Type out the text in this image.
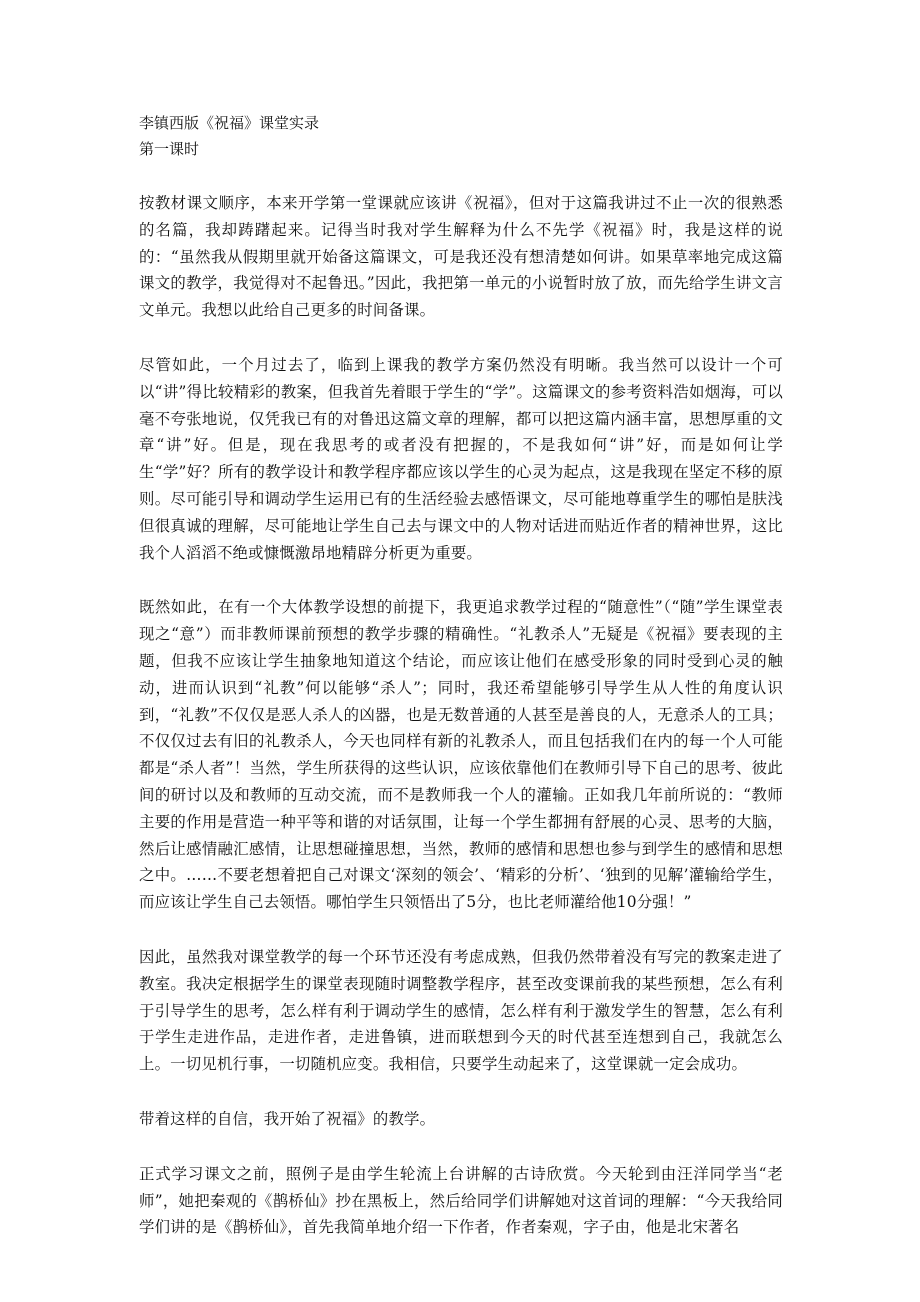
李镇西版《祝福》课堂实录
第一课时

按教材课文顺序，本来开学第一堂课就应该讲《祝福》，但对于这篇我讲过不止一次的很熟悉的名篇，我却踌躇起来。记得当时我对学生解释为什么不先学《祝福》时，我是这样的说的：“虽然我从假期里就开始备这篇课文，可是我还没有想清楚如何讲。如果草率地完成这篇课文的教学，我觉得对不起鲁迅。”因此，我把第一单元的小说暂时放了放，而先给学生讲文言文单元。我想以此给自己更多的时间备课。

尽管如此，一个月过去了，临到上课我的教学方案仍然没有明晰。我当然可以设计一个可以“讲”得比较精彩的教案，但我首先着眼于学生的“学”。这篇课文的参考资料浩如烟海，可以毫不夸张地说，仅凭我已有的对鲁迅这篇文章的理解，都可以把这篇内涵丰富，思想厚重的文章“讲”好。但是，现在我思考的或者没有把握的，不是我如何“讲”好，而是如何让学生“学”好？所有的教学设计和教学程序都应该以学生的心灵为起点，这是我现在坚定不移的原则。尽可能引导和调动学生运用已有的生活经验去感悟课文，尽可能地尊重学生的哪怕是肤浅但很真诚的理解，尽可能地让学生自己去与课文中的人物对话进而贴近作者的精神世界，这比我个人滔滔不绝或慷慨激昂地精辟分析更为重要。

既然如此，在有一个大体教学设想的前提下，我更追求教学过程的“随意性”（“随”学生课堂表现之“意”）而非教师课前预想的教学步骤的精确性。“礼教杀人”无疑是《祝福》要表现的主题，但我不应该让学生抽象地知道这个结论，而应该让他们在感受形象的同时受到心灵的触动，进而认识到“礼教”何以能够“杀人”；同时，我还希望能够引导学生从人性的角度认识到，“礼教”不仅仅是恶人杀人的凶器，也是无数普通的人甚至是善良的人，无意杀人的工具；不仅仅过去有旧的礼教杀人，今天也同样有新的礼教杀人，而且包括我们在内的每一个人可能都是“杀人者”！当然，学生所获得的这些认识，应该依靠他们在教师引导下自己的思考、彼此间的研讨以及和教师的互动交流，而不是教师我一个人的灌输。正如我几年前所说的：“教师主要的作用是营造一种平等和谐的对话氛围，让每一个学生都拥有舒展的心灵、思考的大脑，然后让感情融汇感情，让思想碰撞思想，当然，教师的感情和思想也参与到学生的感情和思想之中。……不要老想着把自己对课文‘深刻的领会’、‘精彩的分析’、‘独到的见解’灌输给学生，而应该让学生自己去领悟。哪怕学生只领悟出了5分，也比老师灌给他10分强！”

因此，虽然我对课堂教学的每一个环节还没有考虑成熟，但我仍然带着没有写完的教案走进了教室。我决定根据学生的课堂表现随时调整教学程序，甚至改变课前我的某些预想，怎么有利于引导学生的思考，怎么样有利于调动学生的感情，怎么样有利于激发学生的智慧，怎么有利于学生走进作品，走进作者，走进鲁镇，进而联想到今天的时代甚至连想到自己，我就怎么上。一切见机行事，一切随机应变。我相信，只要学生动起来了，这堂课就一定会成功。

带着这样的自信，我开始了祝福》的教学。

正式学习课文之前，照例子是由学生轮流上台讲解的古诗欣赏。今天轮到由汪洋同学当“老师”，她把秦观的《鹊桥仙》抄在黑板上，然后给同学们讲解她对这首词的理解：“今天我给同学们讲的是《鹊桥仙》，首先我简单地介绍一下作者，作者秦观，字子由，他是北宋著名
